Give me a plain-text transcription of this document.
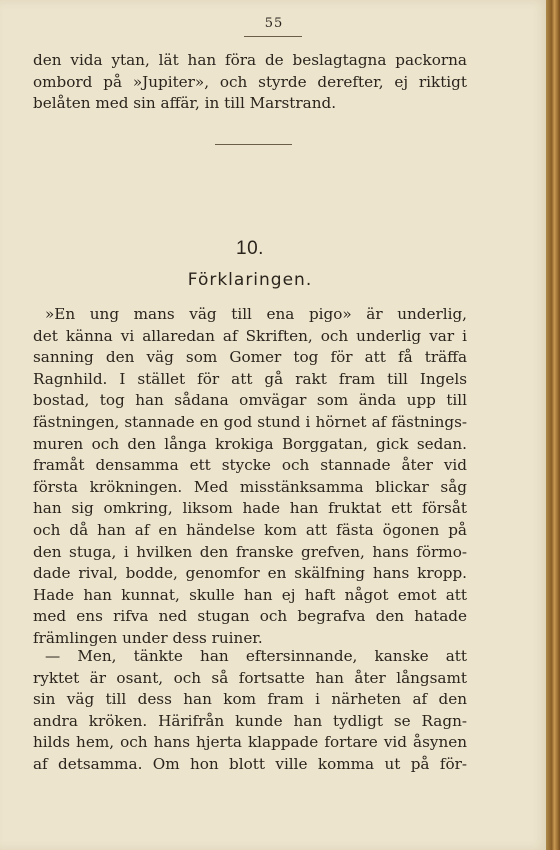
55
den vida ytan, lät han föra de beslagtagna packorna
ombord på »Jupiter», och styrde derefter, ej riktigt
belåten med sin affär, in till Marstrand.
10.
Förklaringen.
»En ung mans väg till ena pigo» är underlig,
det känna vi allaredan af Skriften, och underlig var i
sanning den väg som Gomer tog för att få träffa
Ragnhild. I stället för att gå rakt fram till Ingels
bostad, tog han sådana omvägar som ända upp till
fästningen, stannade en god stund i hörnet af fästnings-
muren och den långa krokiga Borggatan, gick sedan.
framåt densamma ett stycke och stannade åter vid
första krökningen. Med misstänksamma blickar såg
han sig omkring, liksom hade han fruktat ett försåt
och då han af en händelse kom att fästa ögonen på
den stuga, i hvilken den franske grefven, hans förmo-
dade rival, bodde, genomfor en skälfning hans kropp.
Hade han kunnat, skulle han ej haft något emot att
med ens rifva ned stugan och begrafva den hatade
främlingen under dess ruiner.
— Men, tänkte han eftersinnande, kanske att
ryktet är osant, och så fortsatte han åter långsamt
sin väg till dess han kom fram i närheten af den
andra kröken. Härifrån kunde han tydligt se Ragn-
hilds hem, och hans hjerta klappade fortare vid åsynen
af detsamma. Om hon blott ville komma ut på för-
